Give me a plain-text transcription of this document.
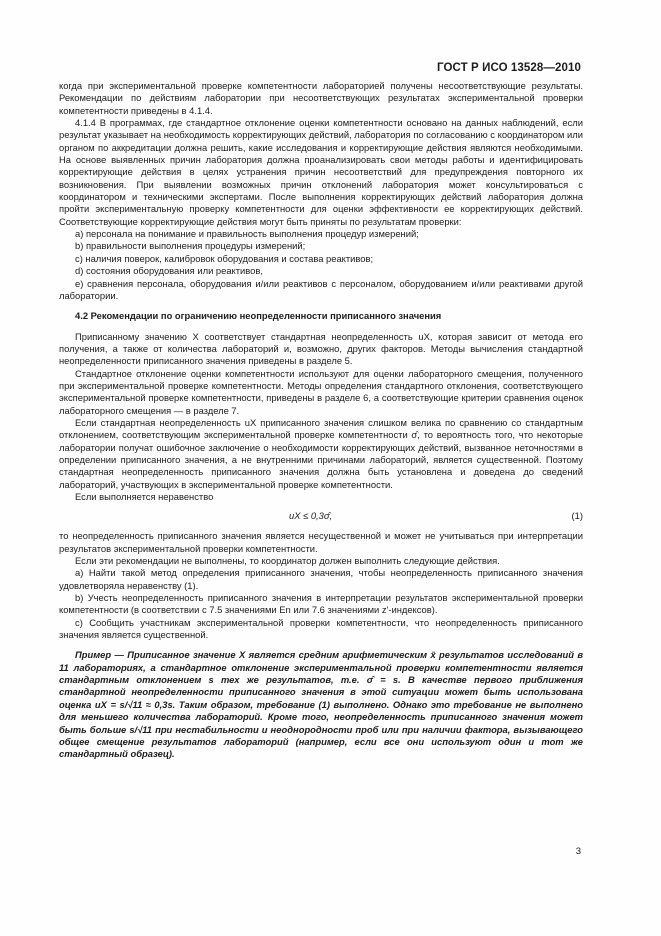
ГОСТ Р ИСО 13528—2010

когда при экспериментальной проверке компетентности лабораторией получены несоответствующие результаты. Рекомендации по действиям лаборатории при несоответствующих результатах экспериментальной проверки компетентности приведены в 4.1.4.

4.1.4 В программах, где стандартное отклонение оценки компетентности основано на данных наблюдений, если результат указывает на необходимость корректирующих действий, лаборатория по согласованию с координатором или органом по аккредитации должна решить, какие исследования и корректирующие действия являются необходимыми. На основе выявленных причин лаборатория должна проанализировать свои методы работы и идентифицировать корректирующие действия в целях устранения причин несоответствий для предупреждения повторного их возникновения. При выявлении возможных причин отклонений лаборатория может консультироваться с координатором и техническими экспертами. После выполнения корректирующих действий лаборатория должна пройти экспериментальную проверку компетентности для оценки эффективности ее корректирующих действий. Соответствующие корректирующие действия могут быть приняты по результатам проверки:

а) персонала на понимание и правильность выполнения процедур измерений;

b) правильности выполнения процедуры измерений;

с) наличия поверок, калибровок оборудования и состава реактивов;

d) состояния оборудования или реактивов,

е) сравнения персонала, оборудования и/или реактивов с персоналом, оборудованием и/или реактивами другой лаборатории.

4.2 Рекомендации по ограничению неопределенности приписанного значения

Приписанному значению X соответствует стандартная неопределенность uX, которая зависит от метода его получения, а также от количества лабораторий и, возможно, других факторов. Методы вычисления стандартной неопределенности приписанного значения приведены в разделе 5.

Стандартное отклонение оценки компетентности используют для оценки лабораторного смещения, полученного при экспериментальной проверке компетентности. Методы определения стандартного отклонения, соответствующего экспериментальной проверке компетентности, приведены в разделе 6, а соответствующие критерии сравнения оценок лабораторного смещения — в разделе 7.

Если стандартная неопределенность uX приписанного значения слишком велика по сравнению со стандартным отклонением, соответствующим экспериментальной проверке компетентности σ̂, то вероятность того, что некоторые лаборатории получат ошибочное заключение о необходимости корректирующих действий, вызванное неточностями в определении приписанного значения, а не внутренними причинами лабораторий, является существенной. Поэтому стандартная неопределенность приписанного значения должна быть установлена и доведена до сведений лабораторий, участвующих в экспериментальной проверке компетентности.

Если выполняется неравенство

uX ≤ 0,3σ̂,	(1)

то неопределенность приписанного значения является несущественной и может не учитываться при интерпретации результатов экспериментальной проверки компетентности.

Если эти рекомендации не выполнены, то координатор должен выполнить следующие действия.

a) Найти такой метод определения приписанного значения, чтобы неопределенность приписанного значения удовлетворяла неравенству (1).

b) Учесть неопределенность приписанного значения в интерпретации результатов экспериментальной проверки компетентности (в соответствии с 7.5 значениями En или 7.6 значениями z'-индексов).

с) Сообщить участникам экспериментальной проверки компетентности, что неопределенность приписанного значения является существенной.

Пример — Приписанное значение X является средним арифметическим x̄ результатов исследований в 11 лабораториях, а стандартное отклонение экспериментальной проверки компетентности является стандартным отклонением s тех же результатов, т.е. σ̂ = s. В качестве первого приближения стандартной неопределенности приписанного значения в этой ситуации может быть использована оценка uX = s/√11 ≈ 0,3s. Таким образом, требование (1) выполнено. Однако это требование не выполнено для меньшего количества лабораторий. Кроме того, неопределенность приписанного значения может быть больше s/√11 при нестабильности и неоднородности проб или при наличии фактора, вызывающего общее смещение результатов лабораторий (например, если все они используют один и тот же стандартный образец).

3
